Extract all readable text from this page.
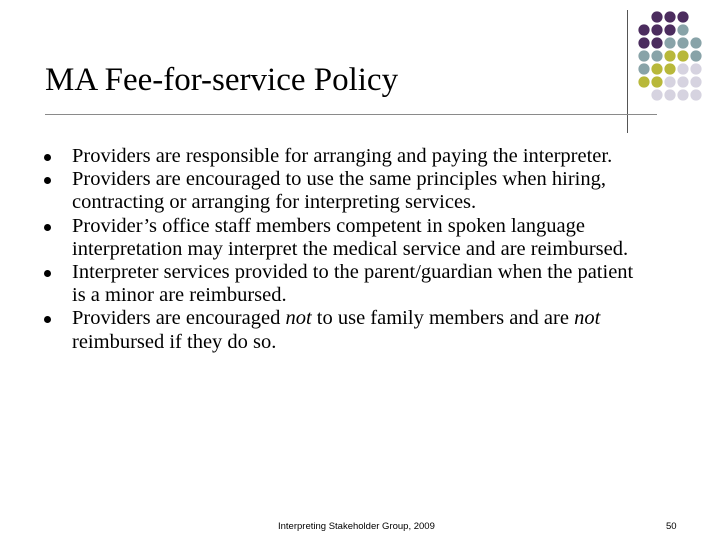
MA Fee-for-service Policy
Providers are responsible for arranging and paying the interpreter.
Providers are encouraged to use the same principles when hiring, contracting or arranging for interpreting services.
Provider’s office staff members competent in spoken language interpretation may interpret the medical service and are reimbursed.
Interpreter services provided to the parent/guardian when the patient is a minor are reimbursed.
Providers are encouraged not to use family members and are not reimbursed if they do so.
Interpreting Stakeholder Group, 2009	50
